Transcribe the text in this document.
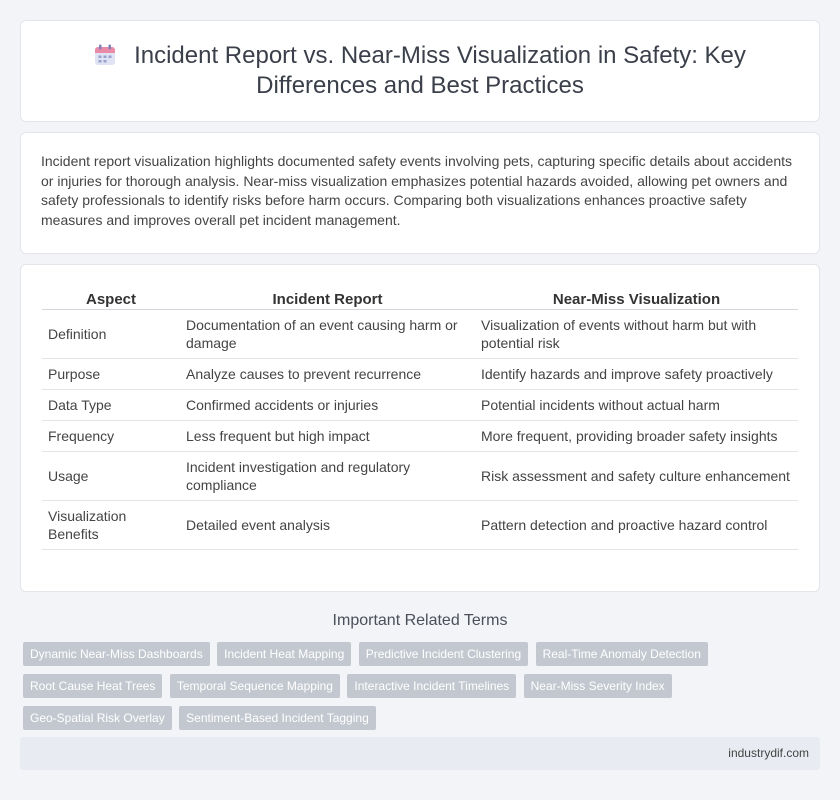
Incident Report vs. Near-Miss Visualization in Safety: Key Differences and Best Practices

Incident report visualization highlights documented safety events involving pets, capturing specific details about accidents or injuries for thorough analysis. Near-miss visualization emphasizes potential hazards avoided, allowing pet owners and safety professionals to identify risks before harm occurs. Comparing both visualizations enhances proactive safety measures and improves overall pet incident management.

Aspect	Incident Report	Near-Miss Visualization
Definition	Documentation of an event causing harm or damage	Visualization of events without harm but with potential risk
Purpose	Analyze causes to prevent recurrence	Identify hazards and improve safety proactively
Data Type	Confirmed accidents or injuries	Potential incidents without actual harm
Frequency	Less frequent but high impact	More frequent, providing broader safety insights
Usage	Incident investigation and regulatory compliance	Risk assessment and safety culture enhancement
Visualization Benefits	Detailed event analysis	Pattern detection and proactive hazard control
Important Related Terms
Dynamic Near-Miss Dashboards Incident Heat Mapping Predictive Incident Clustering Real-Time Anomaly Detection Root Cause Heat Trees Temporal Sequence Mapping Interactive Incident Timelines Near-Miss Severity Index Geo-Spatial Risk Overlay Sentiment-Based Incident Tagging
industrydif.com
